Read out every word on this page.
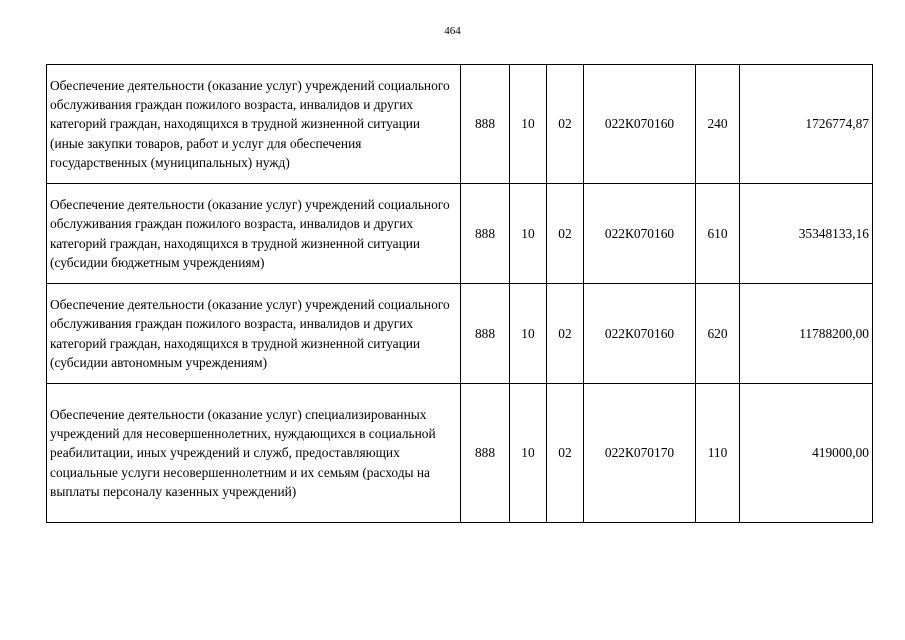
464
Обеспечение деятельности (оказание услуг) учреждений социального обслуживания граждан пожилого возраста, инвалидов и других категорий граждан, находящихся в трудной жизненной ситуации (иные закупки товаров, работ и услуг для обеспечения государственных (муниципальных) нужд)	888	10	02	022К070160	240	1726774,87
Обеспечение деятельности (оказание услуг) учреждений социального обслуживания граждан пожилого возраста, инвалидов и других категорий граждан, находящихся в трудной жизненной ситуации (субсидии бюджетным учреждениям)	888	10	02	022К070160	610	35348133,16
Обеспечение деятельности (оказание услуг) учреждений социального обслуживания граждан пожилого возраста, инвалидов и других категорий граждан, находящихся в трудной жизненной ситуации (субсидии автономным учреждениям)	888	10	02	022К070160	620	11788200,00
Обеспечение деятельности (оказание услуг) специализированных учреждений для несовершеннолетних, нуждающихся в социальной реабилитации, иных учреждений и служб, предоставляющих социальные услуги несовершеннолетним и их семьям (расходы на выплаты персоналу казенных учреждений)	888	10	02	022К070170	110	419000,00
